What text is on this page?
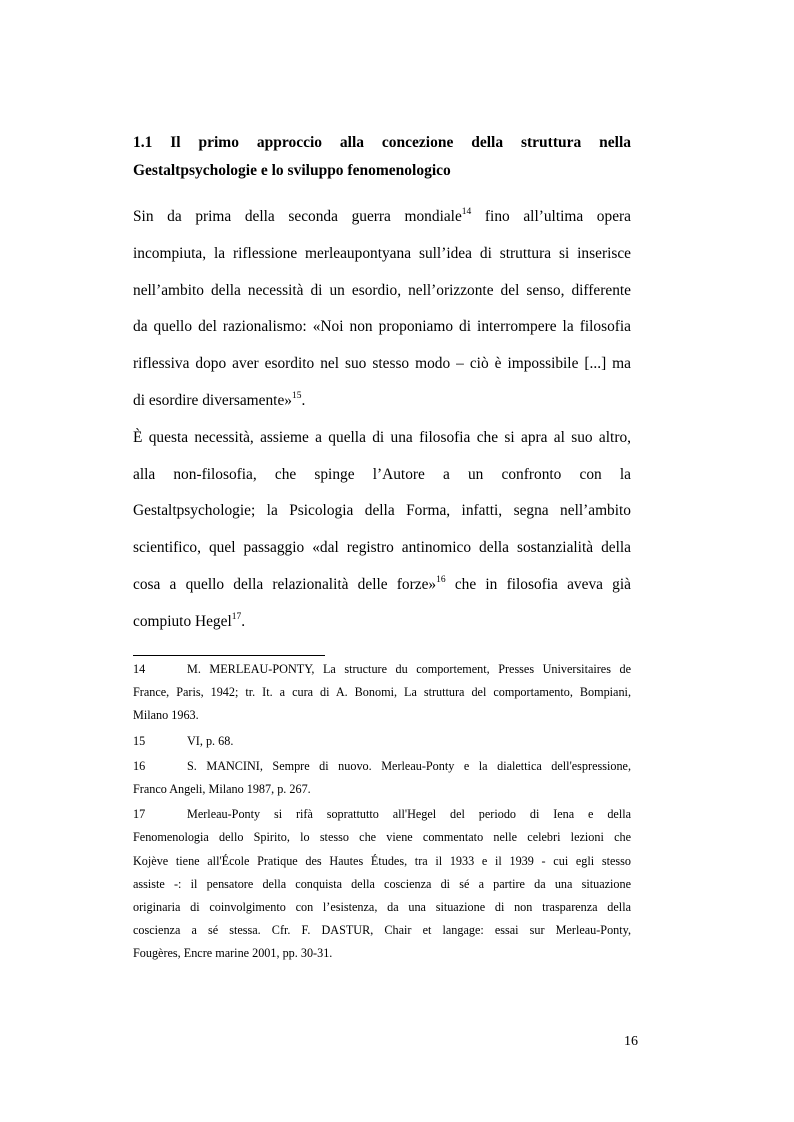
1.1 Il primo approccio alla concezione della struttura nella
Gestaltpsychologie e lo sviluppo fenomenologico
Sin da prima della seconda guerra mondiale$^{14}$ fino all’ultima opera
incompiuta, la riflessione merleaupontyana sull’idea di struttura si inserisce
nell’ambito della necessità di un esordio, nell’orizzonte del senso, differente
da quello del razionalismo: «Noi non proponiamo di interrompere la filosofia
riflessiva dopo aver esordito nel suo stesso modo – ciò è impossibile [...] ma
di esordire diversamente»$^{15}$.
È questa necessità, assieme a quella di una filosofia che si apra al suo altro,
alla non-filosofia, che spinge l’Autore a un confronto con la
Gestaltpsychologie; la Psicologia della Forma, infatti, segna nell’ambito
scientifico, quel passaggio «dal registro antinomico della sostanzialità della
cosa a quello della relazionalità delle forze»$^{16}$ che in filosofia aveva già
compiuto Hegel$^{17}$.
14	M. MERLEAU-PONTY, La structure du comportement, Presses Universitaires de
France, Paris, 1942; tr. It. a cura di A. Bonomi, La struttura del comportamento, Bompiani,
Milano 1963.
15	VI, p. 68.
16	S. MANCINI, Sempre di nuovo. Merleau-Ponty e la dialettica dell'espressione,
Franco Angeli, Milano 1987, p. 267.
17	Merleau-Ponty si rifà soprattutto all'Hegel del periodo di Iena e della
Fenomenologia dello Spirito, lo stesso che viene commentato nelle celebri lezioni che
Kojève tiene all'École Pratique des Hautes Études, tra il 1933 e il 1939 - cui egli stesso
assiste -: il pensatore della conquista della coscienza di sé a partire da una situazione
originaria di coinvolgimento con l’esistenza, da una situazione di non trasparenza della
coscienza a sé stessa. Cfr. F. DASTUR, Chair et langage: essai sur Merleau-Ponty,
Fougères, Encre marine 2001, pp. 30-31.
16
